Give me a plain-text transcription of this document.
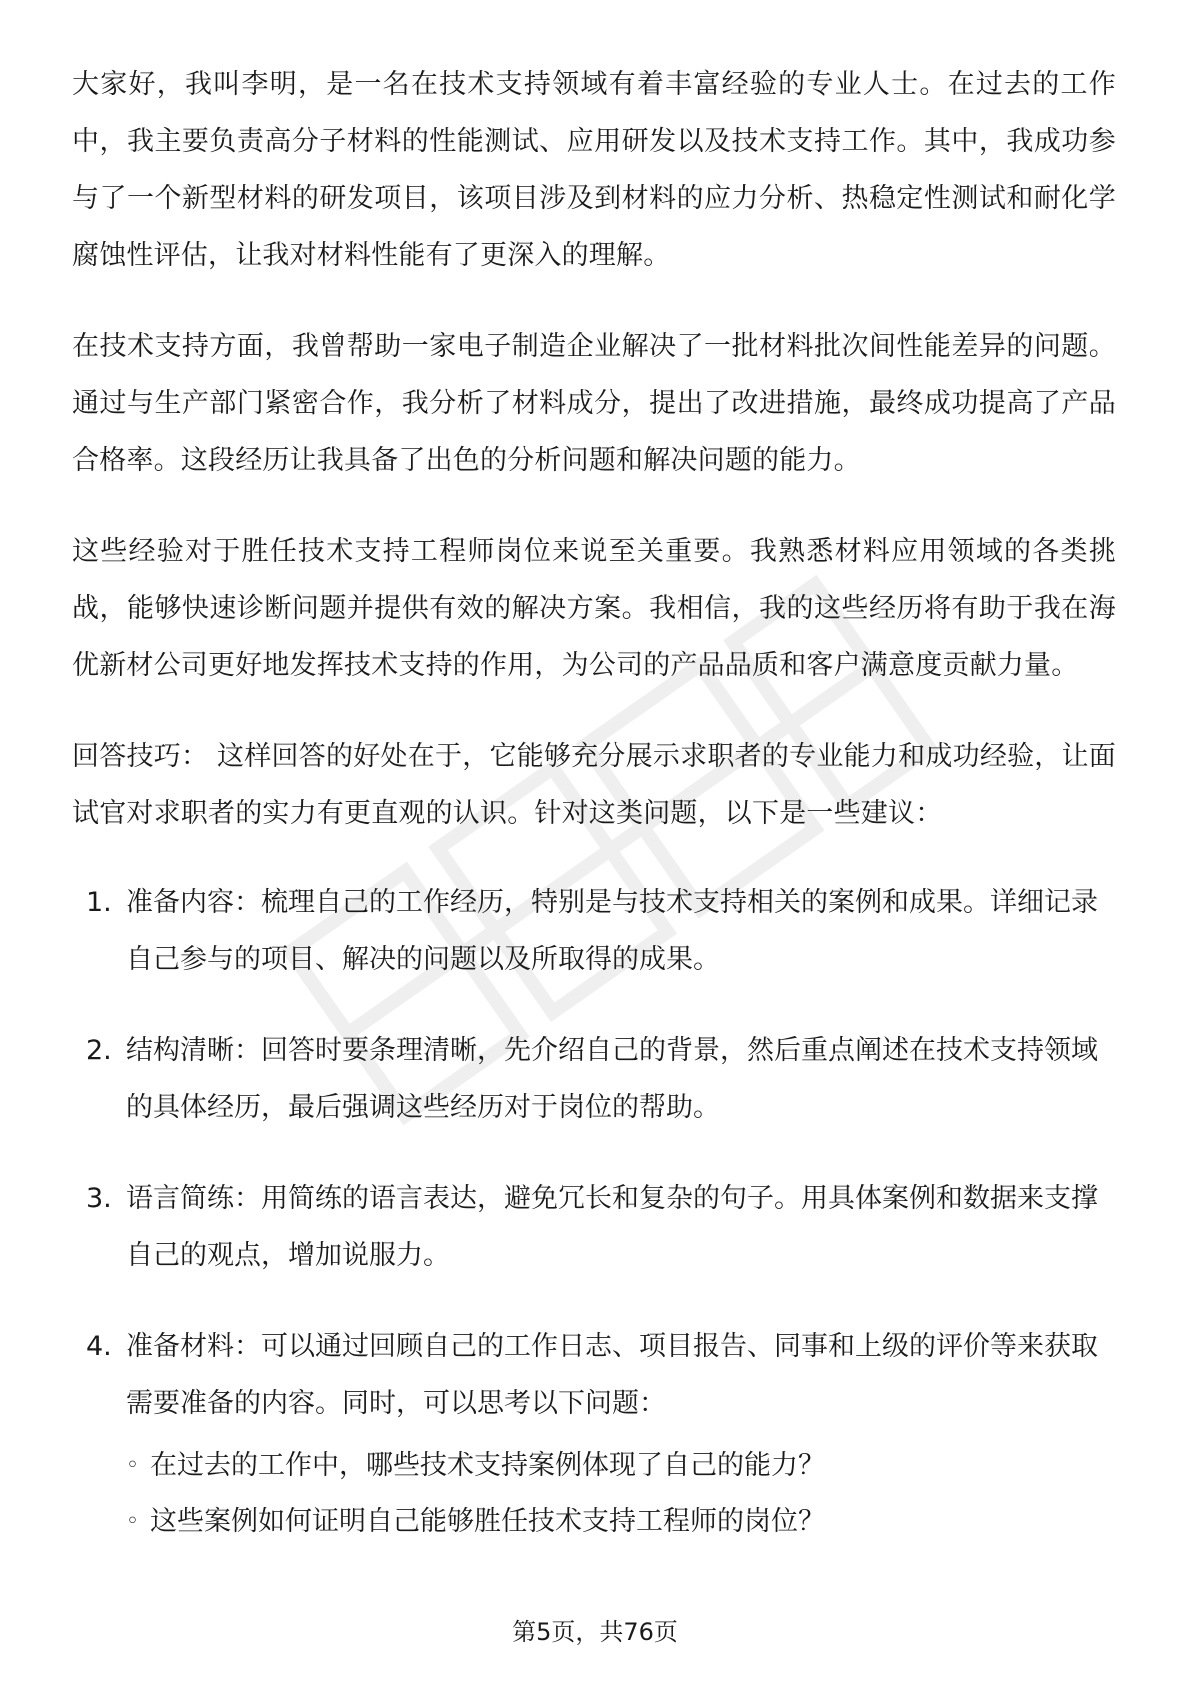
大家好，我叫李明，是一名在技术支持领域有着丰富经验的专业人士。在过去的工作中，我主要负责高分子材料的性能测试、应用研发以及技术支持工作。其中，我成功参与了一个新型材料的研发项目，该项目涉及到材料的应力分析、热稳定性测试和耐化学腐蚀性评估，让我对材料性能有了更深入的理解。

在技术支持方面，我曾帮助一家电子制造企业解决了一批材料批次间性能差异的问题。通过与生产部门紧密合作，我分析了材料成分，提出了改进措施，最终成功提高了产品合格率。这段经历让我具备了出色的分析问题和解决问题的能力。

这些经验对于胜任技术支持工程师岗位来说至关重要。我熟悉材料应用领域的各类挑战，能够快速诊断问题并提供有效的解决方案。我相信，我的这些经历将有助于我在海优新材公司更好地发挥技术支持的作用，为公司的产品品质和客户满意度贡献力量。

回答技巧： 这样回答的好处在于，它能够充分展示求职者的专业能力和成功经验，让面试官对求职者的实力有更直观的认识。针对这类问题，以下是一些建议：

1. 准备内容：梳理自己的工作经历，特别是与技术支持相关的案例和成果。详细记录自己参与的项目、解决的问题以及所取得的成果。
2. 结构清晰：回答时要条理清晰，先介绍自己的背景，然后重点阐述在技术支持领域的具体经历，最后强调这些经历对于岗位的帮助。
3. 语言简练：用简练的语言表达，避免冗长和复杂的句子。用具体案例和数据来支撑自己的观点，增加说服力。
4. 准备材料：可以通过回顾自己的工作日志、项目报告、同事和上级的评价等来获取需要准备的内容。同时，可以思考以下问题：
◦ 在过去的工作中，哪些技术支持案例体现了自己的能力？
◦ 这些案例如何证明自己能够胜任技术支持工程师的岗位？
第5页，共76页
